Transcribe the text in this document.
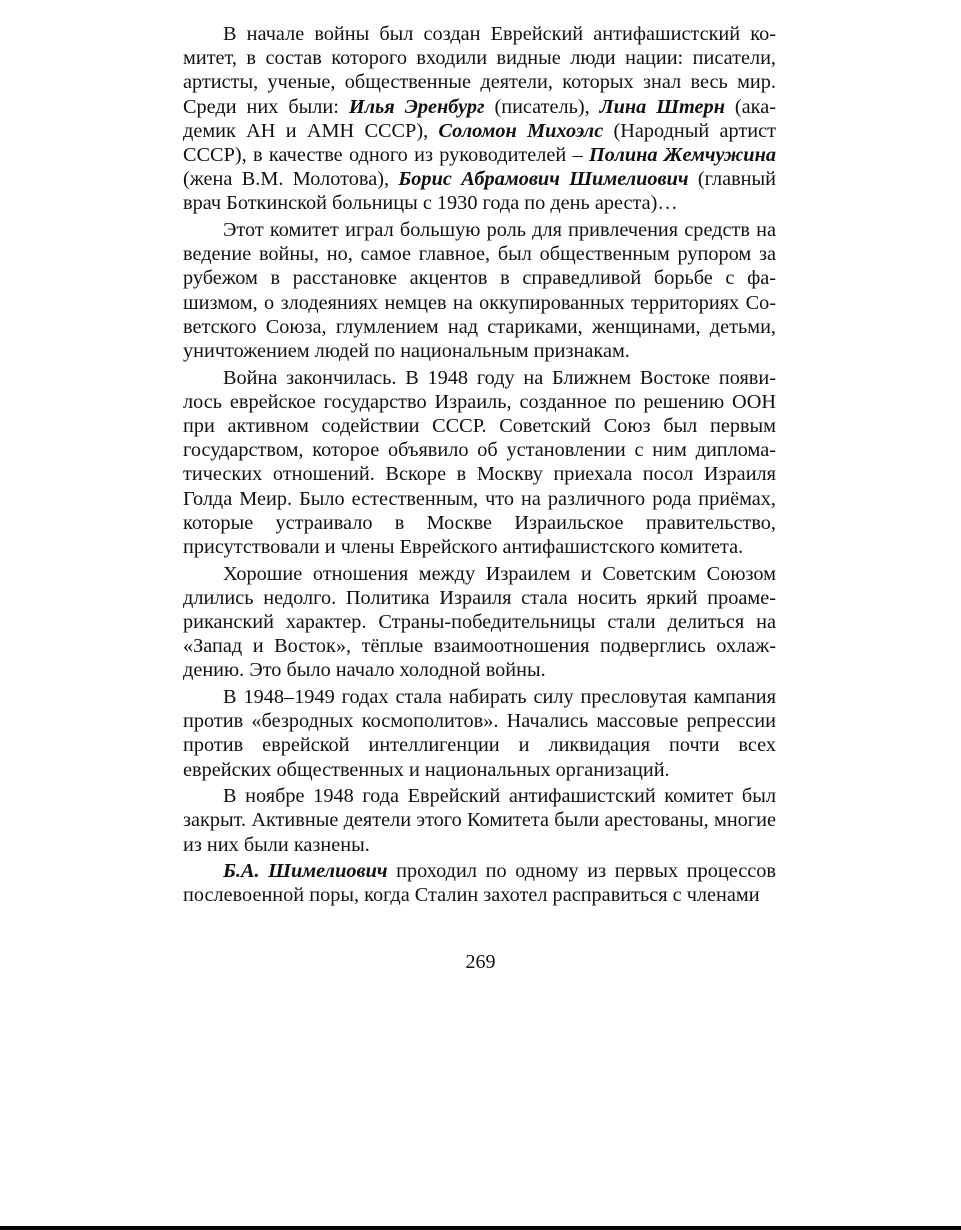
В начале войны был создан Еврейский антифашистский комитет, в состав которого входили видные люди нации: писатели, артисты, ученые, общественные деятели, которых знал весь мир. Среди них были: Илья Эренбург (писатель), Лина Штерн (академик АН и АМН СССР), Соломон Михоэлс (Народный артист СССР), в качестве одного из руководителей – Полина Жемчужина (жена В.М. Молотова), Борис Абрамович Шимелиович (главный врач Боткинской больницы с 1930 года по день ареста)…

Этот комитет играл большую роль для привлечения средств на ведение войны, но, самое главное, был общественным рупором за рубежом в расстановке акцентов в справедливой борьбе с фашизмом, о злодеяниях немцев на оккупированных территориях Советского Союза, глумлением над стариками, женщинами, детьми, уничтожением людей по национальным признакам.

Война закончилась. В 1948 году на Ближнем Востоке появилось еврейское государство Израиль, созданное по решению ООН при активном содействии СССР. Советский Союз был первым государством, которое объявило об установлении с ним дипломатических отношений. Вскоре в Москву приехала посол Израиля Голда Меир. Было естественным, что на различного рода приёмах, которые устраивало в Москве Израильское правительство, присутствовали и члены Еврейского антифашистского комитета.

Хорошие отношения между Израилем и Советским Союзом длились недолго. Политика Израиля стала носить яркий проамериканский характер. Страны-победительницы стали делиться на «Запад и Восток», тёплые взаимоотношения подверглись охлаждению. Это было начало холодной войны.

В 1948–1949 годах стала набирать силу пресловутая кампания против «безродных космополитов». Начались массовые репрессии против еврейской интеллигенции и ликвидация почти всех еврейских общественных и национальных организаций.

В ноябре 1948 года Еврейский антифашистский комитет был закрыт. Активные деятели этого Комитета были арестованы, многие из них были казнены.

Б.А. Шимелиович проходил по одному из первых процессов послевоенной поры, когда Сталин захотел расправиться с членами

269
